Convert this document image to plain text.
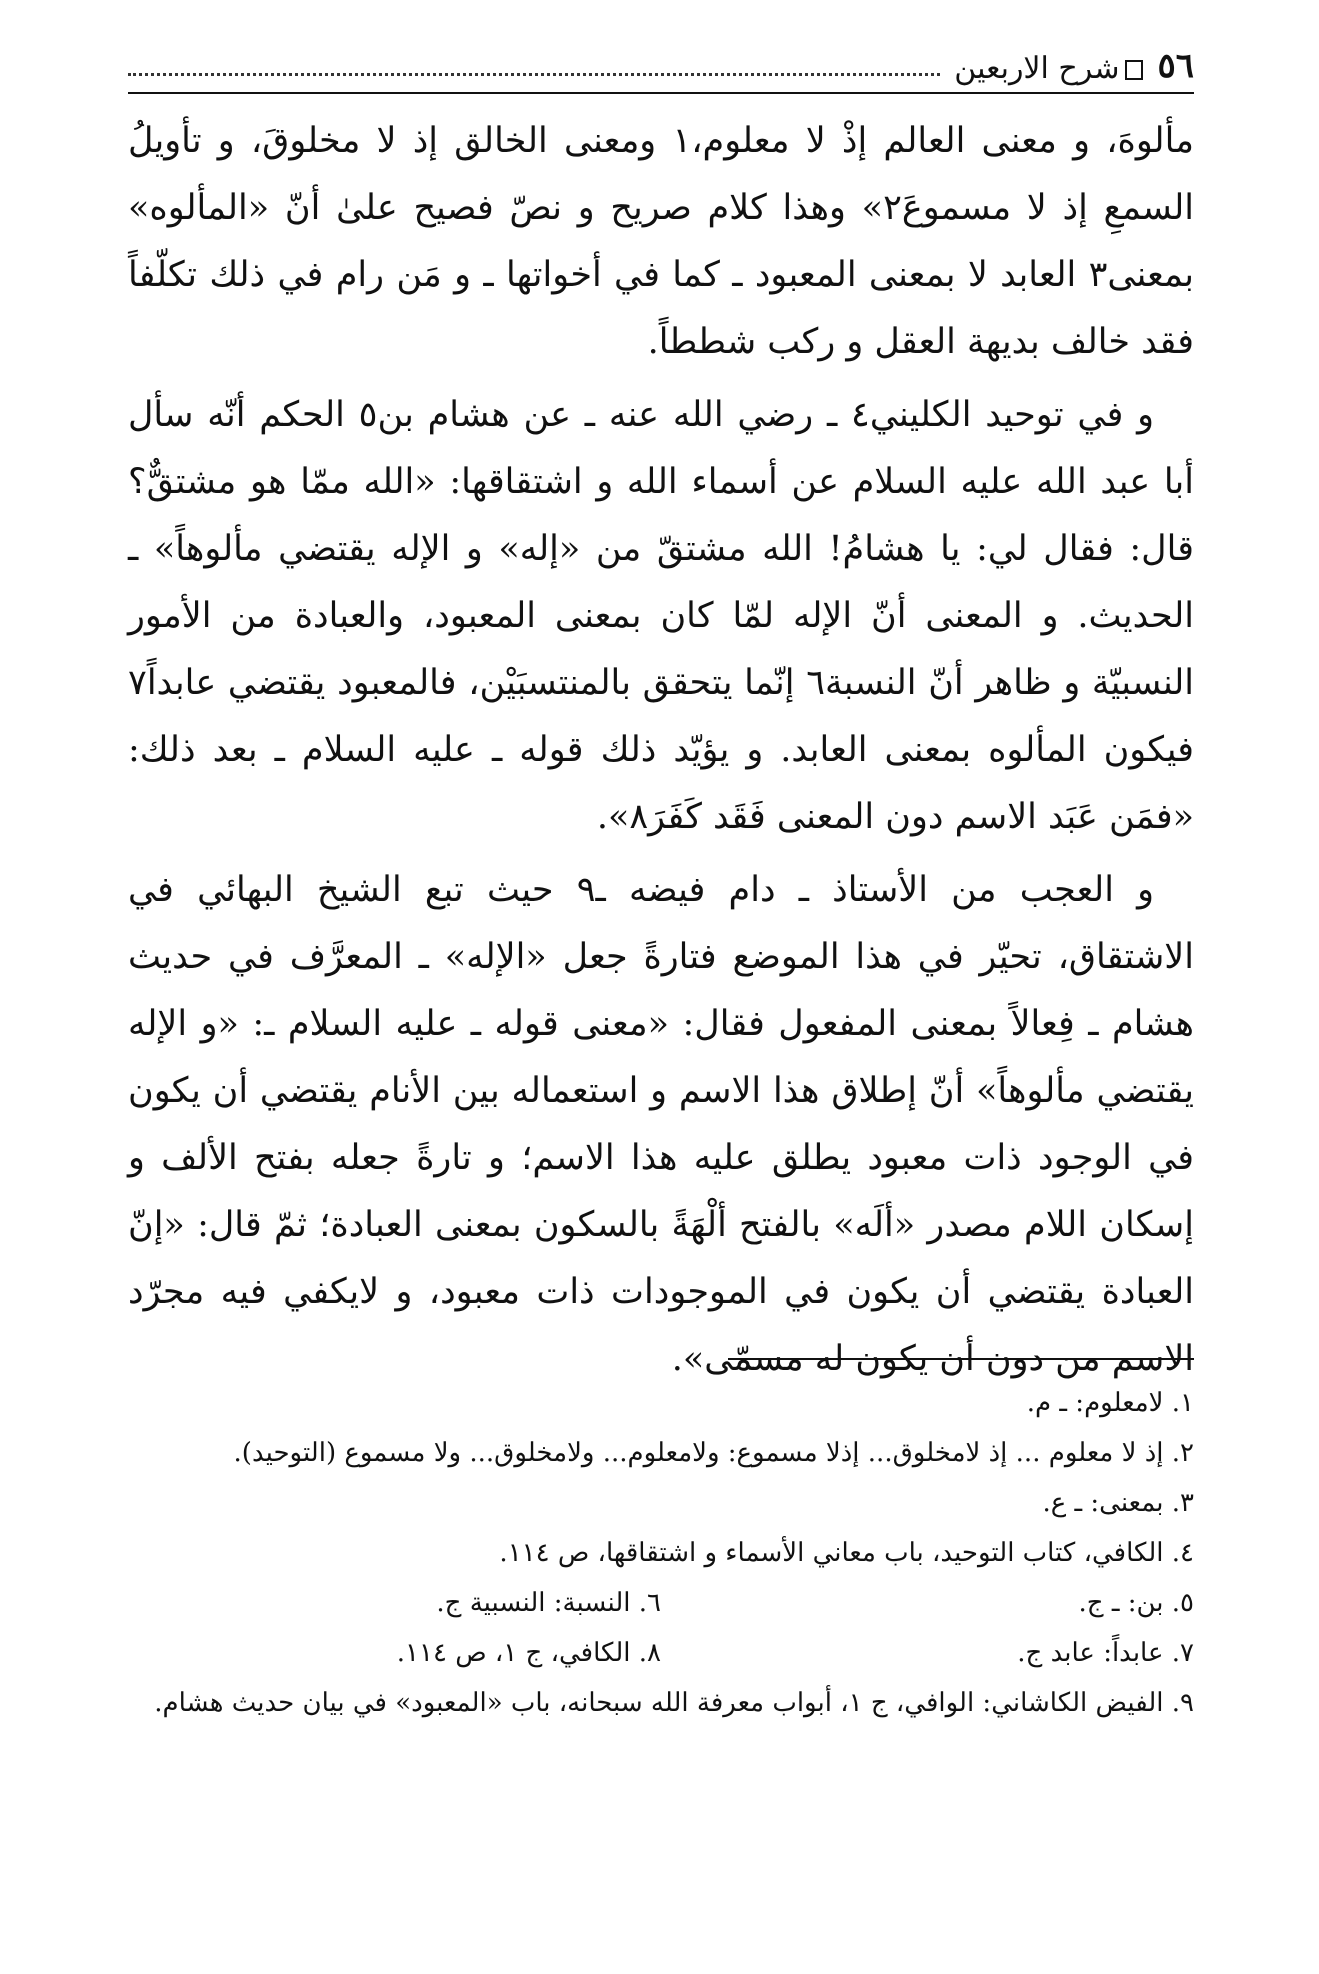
٥٦
شرح الاربعين

مألوهَ، و معنى العالم إذْ لا معلوم،١ ومعنى الخالق إذ لا مخلوقَ، و تأويلُ السمعِ إذ لا مسموعَ٢» وهذا كلام صريح و نصّ فصيح علىٰ أنّ «المألوه» بمعنى٣ العابد لا بمعنى المعبود ـ كما في أخواتها ـ و مَن رام في ذلك تكلّفاً فقد خالف بديهة العقل و ركب شططاً.

و في توحيد الكليني٤ ـ رضي الله عنه ـ عن هشام بن٥ الحكم أنّه سأل أبا عبد الله عليه السلام عن أسماء الله و اشتقاقها: «الله ممّا هو مشتقٌّ؟ قال: فقال لي: يا هشامُ! الله مشتقّ من «إله» و الإله يقتضي مألوهاً» ـ الحديث. و المعنى أنّ الإله لمّا كان بمعنى المعبود، والعبادة من الأمور النسبيّة و ظاهر أنّ النسبة٦ إنّما يتحقق بالمنتسبَيْن، فالمعبود يقتضي عابداً٧ فيكون المألوه بمعنى العابد. و يؤيّد ذلك قوله ـ عليه السلام ـ بعد ذلك: «فمَن عَبَد الاسم دون المعنى فَقَد كَفَرَ٨».

و العجب من الأستاذ ـ دام فيضه ـ٩ حيث تبع الشيخ البهائي في الاشتقاق، تحيّر في هذا الموضع فتارةً جعل «الإله» ـ المعرَّف في حديث هشام ـ فِعالاً بمعنى المفعول فقال: «معنى قوله ـ عليه السلام ـ: «و الإله يقتضي مألوهاً» أنّ إطلاق هذا الاسم و استعماله بين الأنام يقتضي أن يكون في الوجود ذات معبود يطلق عليه هذا الاسم؛ و تارةً جعله بفتح الألف و إسكان اللام مصدر «ألَه» بالفتح ألْهَةً بالسكون بمعنى العبادة؛ ثمّ قال: «إنّ العبادة يقتضي أن يكون في الموجودات ذات معبود، و لايكفي فيه مجرّد الاسم من دون أن يكون له مسمّى».

١. لامعلوم: ـ م.

٢. إذ لا معلوم ... إذ لامخلوق... إذلا مسموع: ولامعلوم... ولامخلوق... ولا مسموع (التوحيد).

٣. بمعنى: ـ ع.

٤. الكافي، كتاب التوحيد، باب معاني الأسماء و اشتقاقها، ص ١١٤.

٥. بن: ـ ج.

٦. النسبة: النسبية ج.

٧. عابداً: عابد ج.

٨. الكافي، ج ١، ص ١١٤.

٩. الفيض الكاشاني: الوافي، ج ١، أبواب معرفة الله سبحانه، باب «المعبود» في بيان حديث هشام.
